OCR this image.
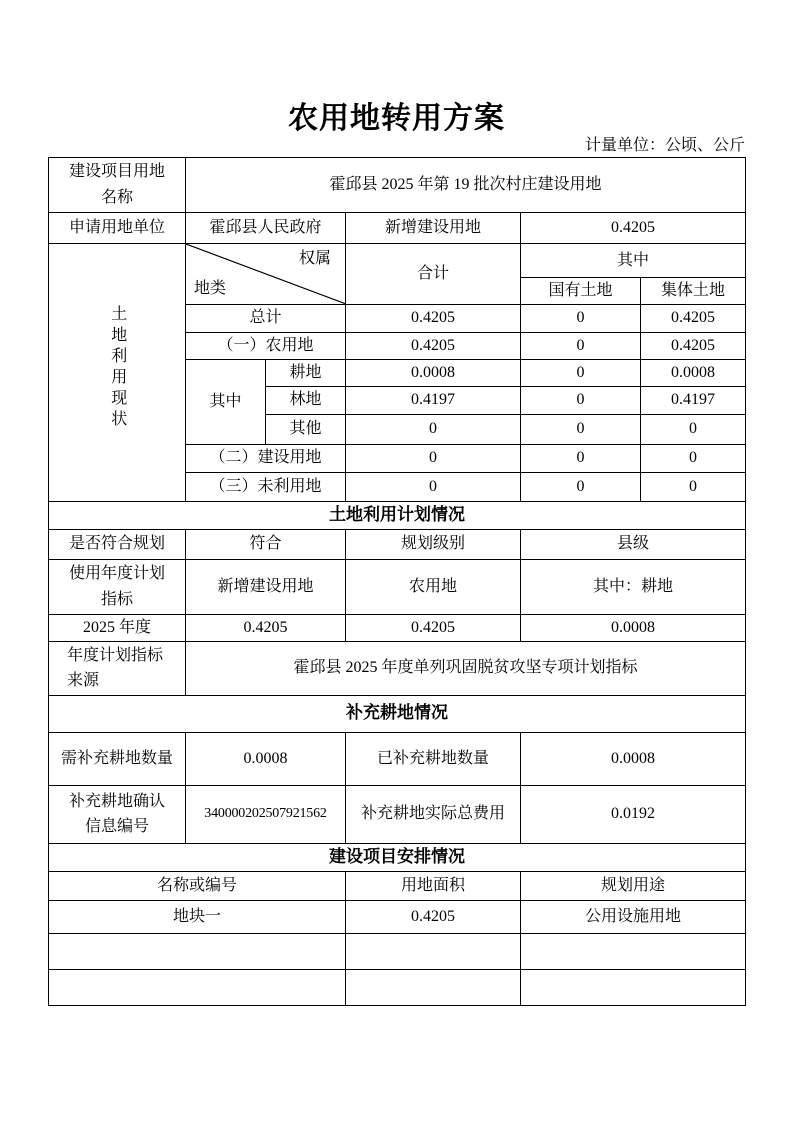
农用地转用方案
计量单位：公顷、公斤
建设项目用地名称	霍邱县 2025 年第 19 批次村庄建设用地				
申请用地单位	霍邱县人民政府		新增建设用地	0.4205	
土地利用现状	权属
地类		合计	其中	
				国有土地	集体土地
	总计		0.4205	0	0.4205
	（一）农用地		0.4205	0	0.4205
	其中	耕地	0.0008	0	0.0008
		林地	0.4197	0	0.4197
		其他	0	0	0
	（二）建设用地		0	0	0
	（三）未利用地		0	0	0
土地利用计划情况					
是否符合规划	符合		规划级别	县级	
使用年度计划指标	新增建设用地		农用地	其中：耕地	
2025 年度	0.4205		0.4205	0.0008	
年度计划指标来源	霍邱县 2025 年度单列巩固脱贫攻坚专项计划指标				
补充耕地情况					
需补充耕地数量	0.0008		已补充耕地数量	0.0008	
补充耕地确认信息编号	340000202507921562		补充耕地实际总费用	0.0192	
建设项目安排情况					
名称或编号			用地面积	规划用途	
地块一			0.4205	公用设施用地	
